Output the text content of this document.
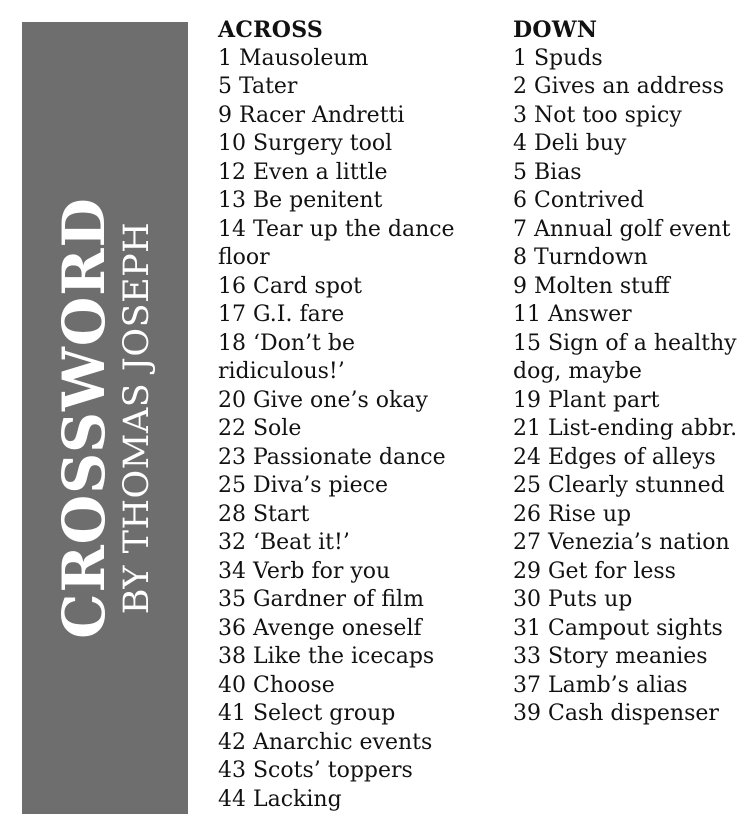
CROSSWORD BY THOMAS JOSEPH
ACROSS
1 Mausoleum
5 Tater
9 Racer Andretti
10 Surgery tool
12 Even a little
13 Be penitent
14 Tear up the dance floor
16 Card spot
17 G.I. fare
18 ‘Don’t be ridiculous!’
20 Give one’s okay
22 Sole
23 Passionate dance
25 Diva’s piece
28 Start
32 ‘Beat it!’
34 Verb for you
35 Gardner of film
36 Avenge oneself
38 Like the icecaps
40 Choose
41 Select group
42 Anarchic events
43 Scots’ toppers
44 Lacking
DOWN
1 Spuds
2 Gives an address
3 Not too spicy
4 Deli buy
5 Bias
6 Contrived
7 Annual golf event
8 Turndown
9 Molten stuff
11 Answer
15 Sign of a healthy dog, maybe
19 Plant part
21 List-ending abbr.
24 Edges of alleys
25 Clearly stunned
26 Rise up
27 Venezia’s nation
29 Get for less
30 Puts up
31 Campout sights
33 Story meanies
37 Lamb’s alias
39 Cash dispenser
